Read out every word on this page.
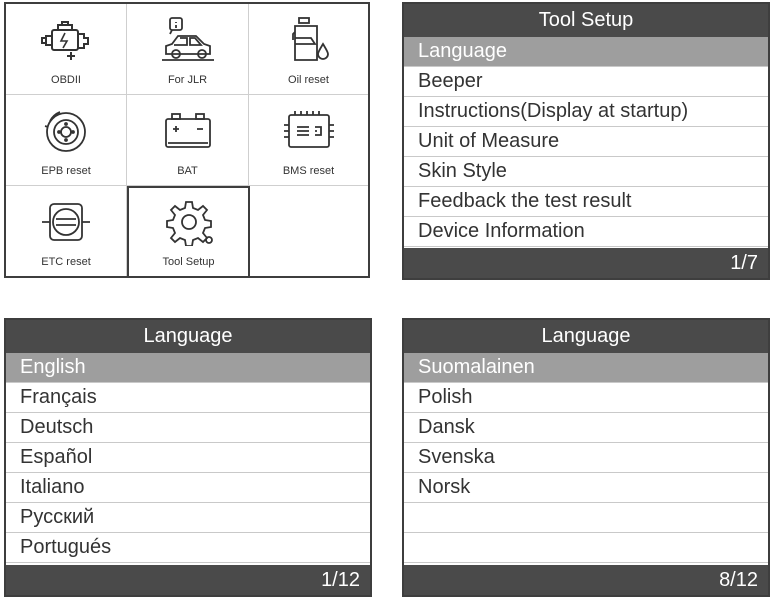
OBDII	For JLR	Oil reset
EPB reset	BAT	BMS reset
ETC reset	Tool Setup
Tool Setup
Language
Beeper
Instructions(Display at startup)
Unit of Measure
Skin Style
Feedback the test result
Device Information
1/7
Language
English
Français
Deutsch
Español
Italiano
Русский
Portugués
1/12
Language
Suomalainen
Polish
Dansk
Svenska
Norsk
8/12
